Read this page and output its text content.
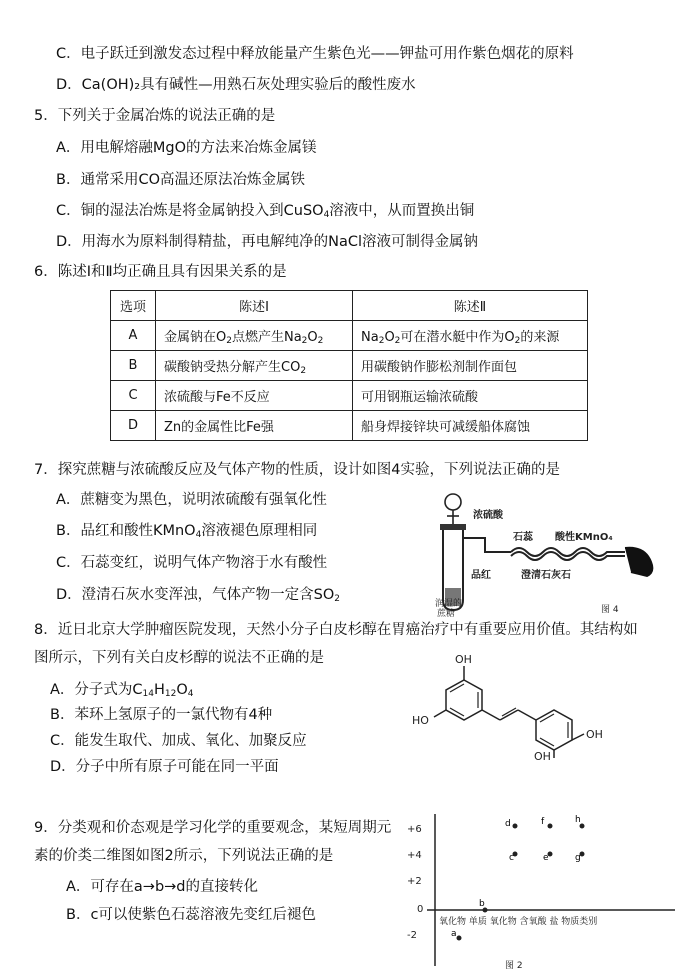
C．电子跃迁到激发态过程中释放能量产生紫色光——钾盐可用作紫色烟花的原料
D．Ca(OH)₂具有碱性—用熟石灰处理实验后的酸性废水
5．下列关于金属冶炼的说法正确的是
A．用电解熔融MgO的方法来冶炼金属镁
B．通常采用CO高温还原法冶炼金属铁
C．铜的湿法冶炼是将金属钠投入到CuSO$_4$溶液中，从而置换出铜
D．用海水为原料制得精盐，再电解纯净的NaCl溶液可制得金属钠
6．陈述Ⅰ和Ⅱ均正确且具有因果关系的是
选项	陈述Ⅰ	陈述Ⅱ
A	金属钠在$O_2$点燃产生$Na_2O_2$	$Na_2O_2$可在潜水艇中作为$O_2$的来源
B	碳酸钠受热分解产生$CO_2$	用碳酸钠作膨松剂制作面包
C	浓硫酸与Fe不反应	可用钢瓶运输浓硫酸
D	Zn的金属性比Fe强	船身焊接锌块可减缓船体腐蚀
7．探究蔗糖与浓硫酸反应及气体产物的性质，设计如图4实验，下列说法正确的是
A．蔗糖变为黑色，说明浓硫酸有强氧化性
B．品红和酸性KMnO$_4$溶液褪色原理相同
C．石蕊变红，说明气体产物溶于水有酸性
D．澄清石灰水变浑浊，气体产物一定含$SO_2$
蔗糖
润湿的
浓硫酸
石蕊 酸性KMnO₄
品红	澄清石灰石
图 4
8．近日北京大学肿瘤医院发现，天然小分子白皮杉醇在胃癌治疗中有重要应用价值。其结构如
图所示，下列有关白皮杉醇的说法不正确的是
A．分子式为$C_{14}H_{12}O_4$
B．苯环上氢原子的一氯代物有4种
C．能发生取代、加成、氧化、加聚反应
D．分子中所有原子可能在同一平面
OH
HO
OH
OH
9．分类观和价态观是学习化学的重要观念，某短周期元
素的价类二维图如图2所示，下列说法正确的是
A．可存在a→b→d的直接转化
B．c可以使紫色石蕊溶液先变红后褪色
+6
+4
+2
0
-2
氧化物 单质 氧化物 含氧酸 盐 物质类别
d	f	h
c	e	g
b
a
图 2
